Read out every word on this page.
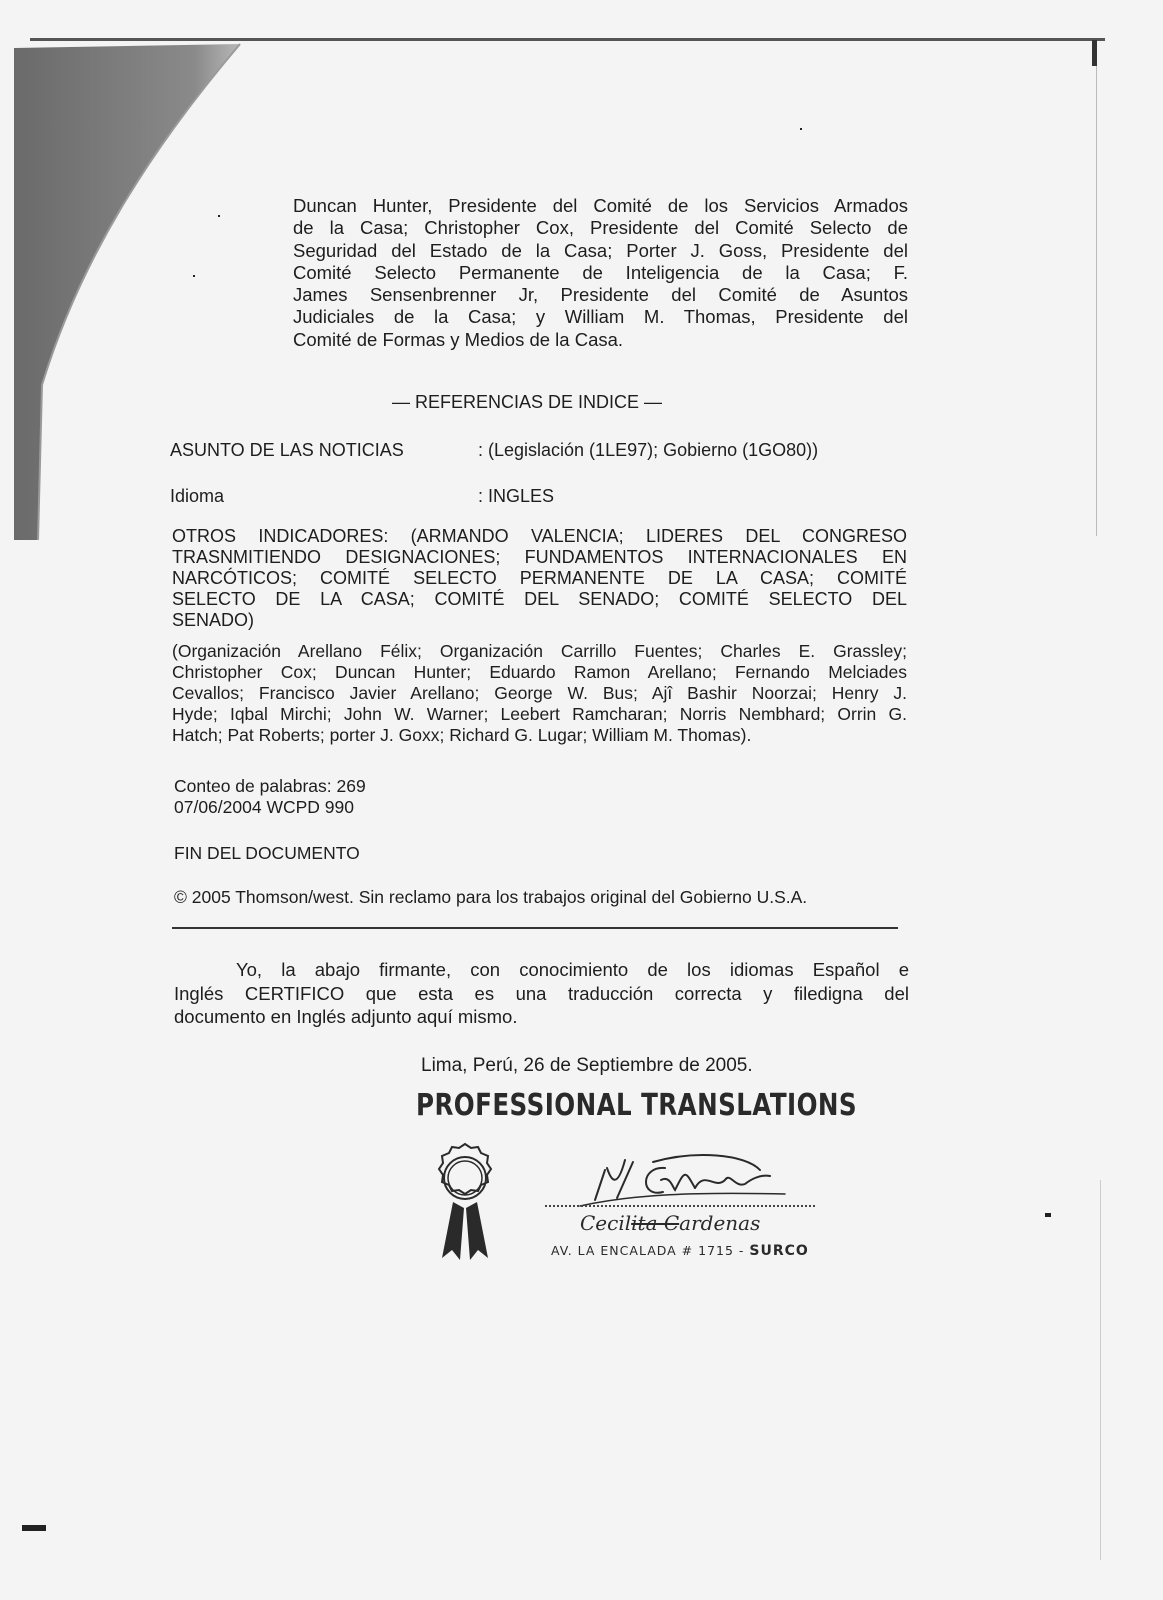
Duncan Hunter, Presidente del Comité de los Servicios Armados
de la Casa; Christopher Cox, Presidente del Comité Selecto de
Seguridad del Estado de la Casa; Porter J. Goss, Presidente del
Comité Selecto Permanente de Inteligencia de la Casa; F.
James Sensenbrenner Jr, Presidente del Comité de Asuntos
Judiciales de la Casa; y William M. Thomas, Presidente del
Comité de Formas y Medios de la Casa.
— REFERENCIAS DE INDICE —
ASUNTO DE LAS NOTICIAS	: (Legislación (1LE97); Gobierno (1GO80))
Idioma	: INGLES
OTROS INDICADORES: (ARMANDO VALENCIA; LIDERES DEL CONGRESO
TRASNMITIENDO DESIGNACIONES; FUNDAMENTOS INTERNACIONALES EN
NARCÓTICOS; COMITÉ SELECTO PERMANENTE DE LA CASA; COMITÉ
SELECTO DE LA CASA; COMITÉ DEL SENADO; COMITÉ SELECTO DEL
SENADO)
(Organización Arellano Félix; Organización Carrillo Fuentes; Charles E. Grassley;
Christopher Cox; Duncan Hunter; Eduardo Ramon Arellano; Fernando Melciades
Cevallos; Francisco Javier Arellano; George W. Bus; Ajî Bashir Noorzai; Henry J.
Hyde; Iqbal Mirchi; John W. Warner; Leebert Ramcharan; Norris Nembhard; Orrin G.
Hatch; Pat Roberts; porter J. Goxx; Richard G. Lugar; William M. Thomas).
Conteo de palabras: 269
07/06/2004 WCPD 990
FIN DEL DOCUMENTO
© 2005 Thomson/west. Sin reclamo para los trabajos original del Gobierno U.S.A.
Yo, la abajo firmante, con conocimiento de los idiomas Español e
Inglés CERTIFICO que esta es una traducción correcta y filedigna del
documento en Inglés adjunto aquí mismo.
Lima, Perú, 26 de Septiembre de 2005.
PROFESSIONAL TRANSLATIONS
Cecilita Cardenas
AV. LA ENCALADA # 1715 - SURCO
